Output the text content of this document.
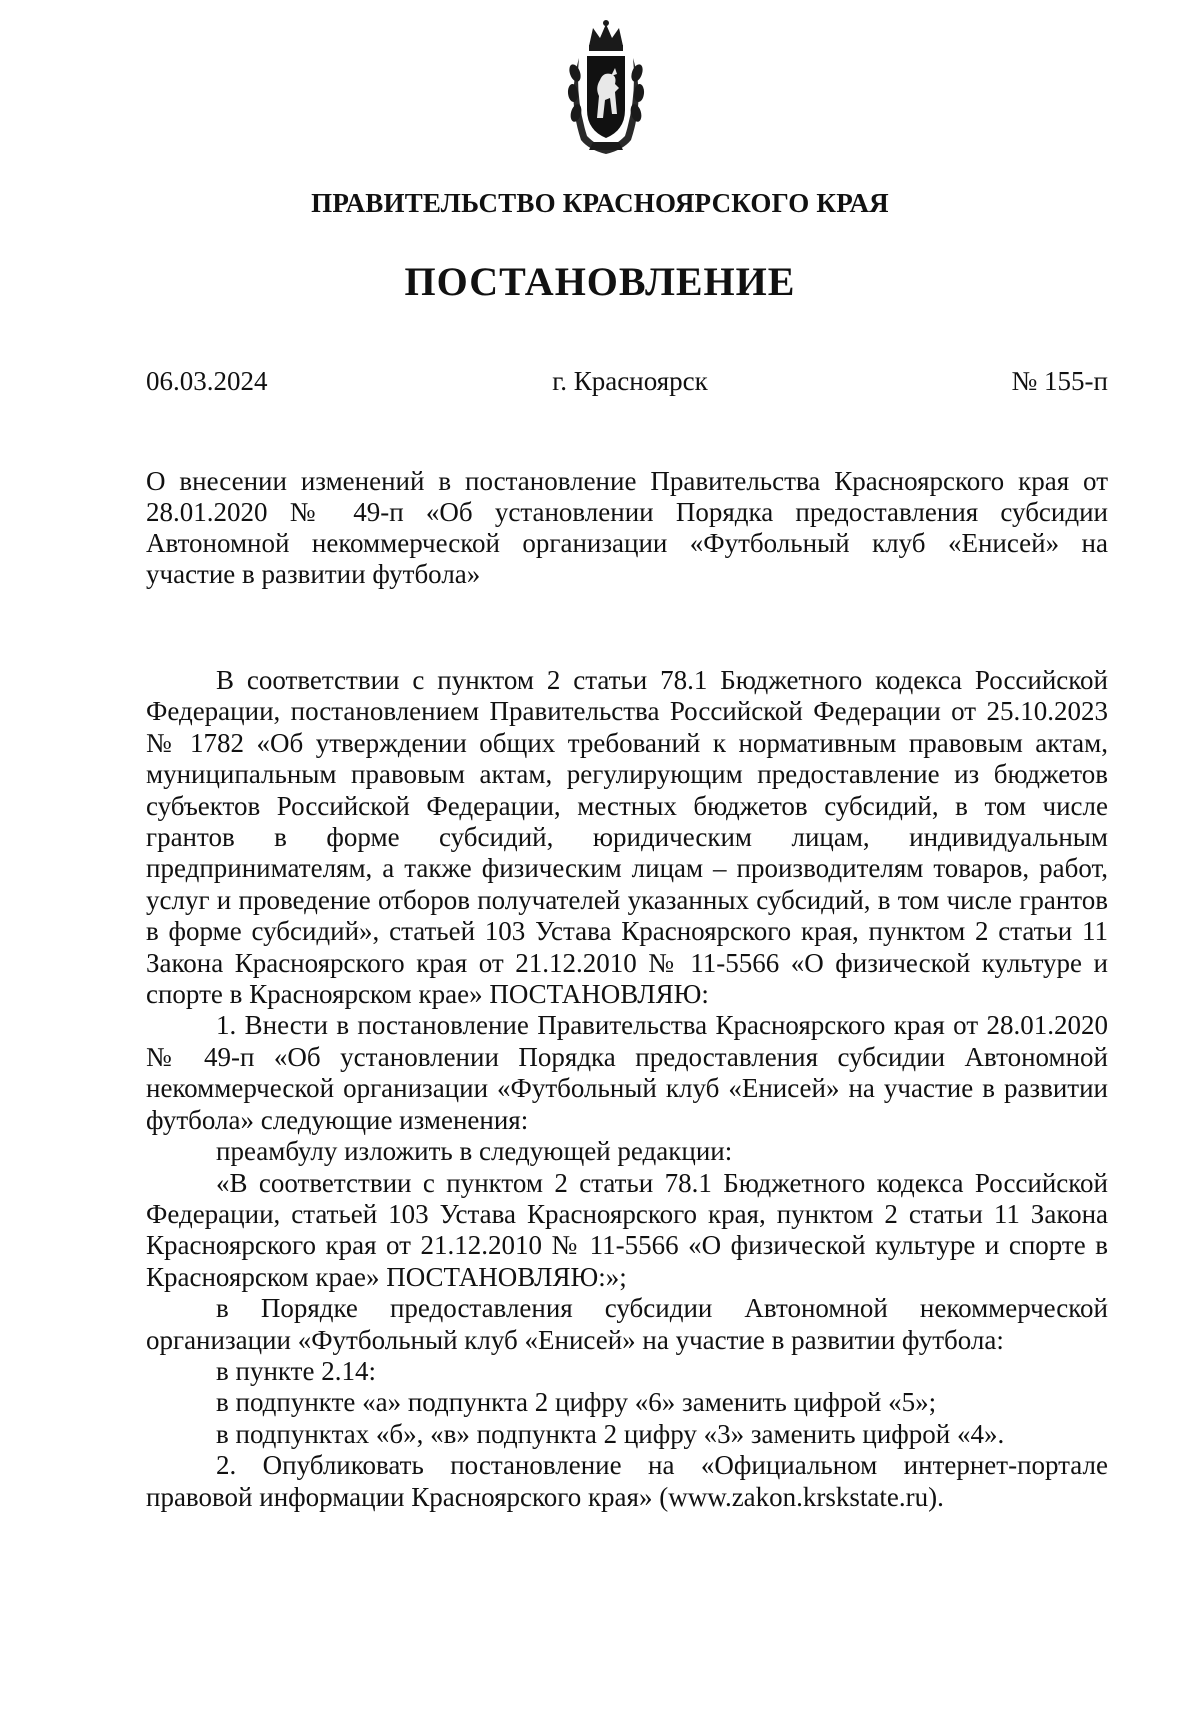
ПРАВИТЕЛЬСТВО КРАСНОЯРСКОГО КРАЯ
ПОСТАНОВЛЕНИЕ
06.03.2024	г. Красноярск	№ 155-п

О внесении изменений в постановление Правительства Красноярского края от 28.01.2020 № 49-п «Об установлении Порядка предоставления субсидии Автономной некоммерческой организации «Футбольный клуб «Енисей» на участие в развитии футбола»

В соответствии с пунктом 2 статьи 78.1 Бюджетного кодекса Российской Федерации, постановлением Правительства Российской Федерации от 25.10.2023 № 1782 «Об утверждении общих требований к нормативным правовым актам, муниципальным правовым актам, регулирующим предоставление из бюджетов субъектов Российской Федерации, местных бюджетов субсидий, в том числе грантов в форме субсидий, юридическим лицам, индивидуальным предпринимателям, а также физическим лицам – производителям товаров, работ, услуг и проведение отборов получателей указанных субсидий, в том числе грантов в форме субсидий», статьей 103 Устава Красноярского края, пунктом 2 статьи 11 Закона Красноярского края от 21.12.2010 № 11-5566 «О физической культуре и спорте в Красноярском крае» ПОСТАНОВЛЯЮ:

1. Внести в постановление Правительства Красноярского края от 28.01.2020 № 49-п «Об установлении Порядка предоставления субсидии Автономной некоммерческой организации «Футбольный клуб «Енисей» на участие в развитии футбола» следующие изменения:

преамбулу изложить в следующей редакции:

«В соответствии с пунктом 2 статьи 78.1 Бюджетного кодекса Российской Федерации, статьей 103 Устава Красноярского края, пунктом 2 статьи 11 Закона Красноярского края от 21.12.2010 № 11-5566 «О физической культуре и спорте в Красноярском крае» ПОСТАНОВЛЯЮ:»;

в Порядке предоставления субсидии Автономной некоммерческой организации «Футбольный клуб «Енисей» на участие в развитии футбола:

в пункте 2.14:

в подпункте «а» подпункта 2 цифру «6» заменить цифрой «5»;

в подпунктах «б», «в» подпункта 2 цифру «3» заменить цифрой «4».

2. Опубликовать постановление на «Официальном интернет-портале правовой информации Красноярского края» (www.zakon.krskstate.ru).
